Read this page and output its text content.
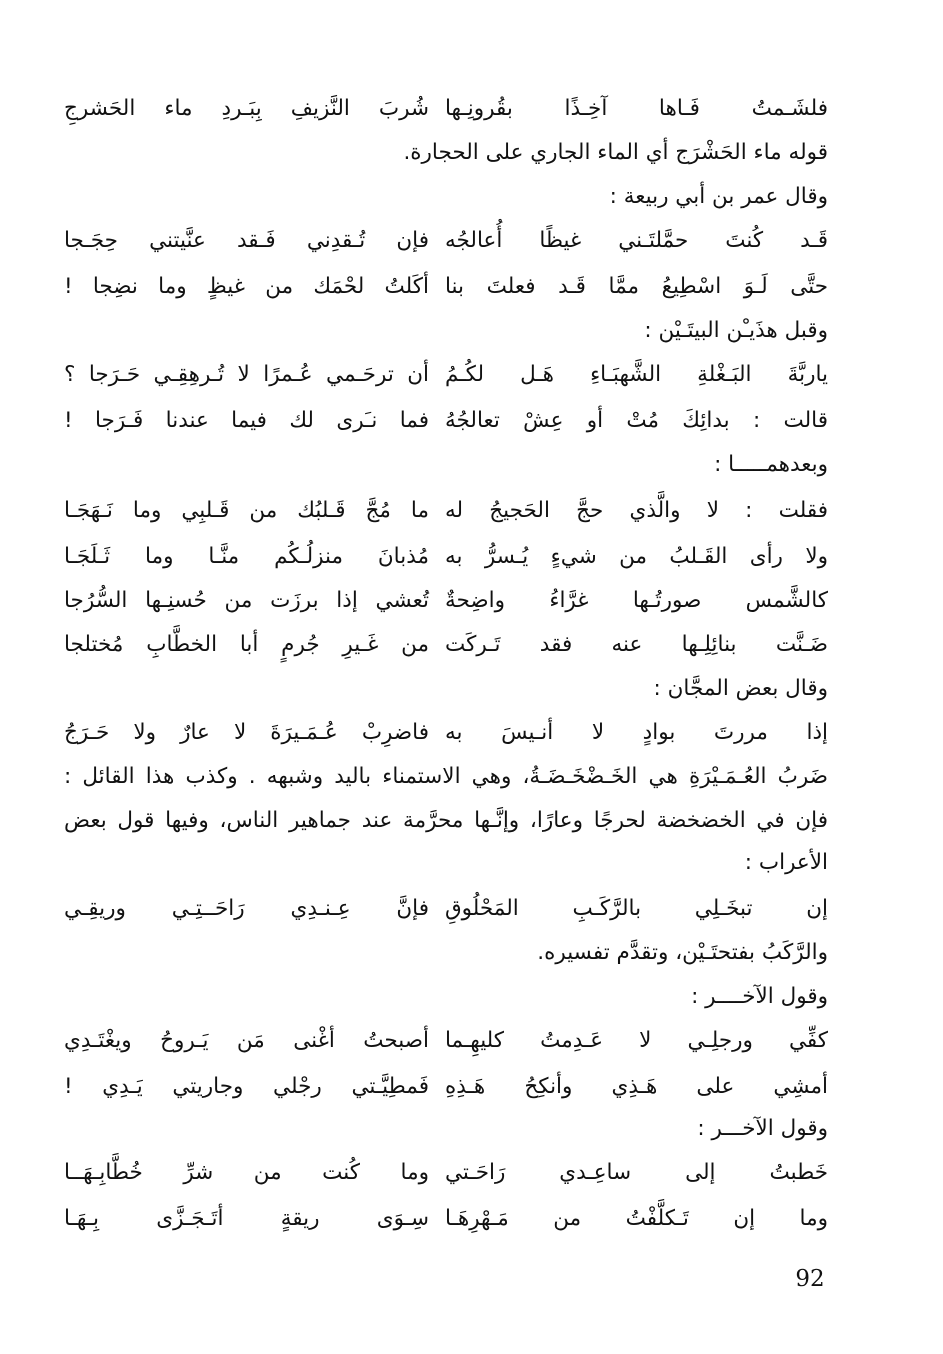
فلشَـمتُ فَـاها آخِـذًا بقُرونِـها
شُربَ النَّزيفِ بِبَـردِ ماء الحَشرجِ
قوله ماء الحَشْرَج أي الماء الجاري على الحجارة.
وقال عمر بن أبي ربيعة :
قَـد كُنتَ حمَّلتَـني غيظًا أُعالجُه
فإن تُـقدِني فَـقد عنَّيتني حِجَـجا
حتَّى لَـوَ اسْطِيعُ ممَّا قَـد فعلتَ بنا
أكَلتُ لحْمَك من غيظٍ وما نضِجا !
وقبل هذَيـْن البيتَـيْن :
ياربَّةَ البَـغْلةِ الشَّهبَـاءِ هَـل لكُـمُ
أن ترحَـمي عُـمرًا لا تُـرهِقِـي حَـرَجا ؟
قالت : بدائِكَ مُتْ أو عِشْ تعالجُهُ
فما نـَرى لك فيما عندنا فَـرَجا !
وبعدهمـــــا :
فقلت : لا والَّذي حجَّ الحَجيجُ له
ما مُجَّ قَـلبُك من قَـلبِي وما نَـهَجَـا
ولا رأى القَـلبُ من شيءٍ يُـسرُّ به
مُذبانَ منزلُـكُم منَّـا وما ثَـلَجَـا
كالشَّمس صورتُـها غرَّاءُ واضِحةٌ
تُعشي إذا برزَت من حُسنِـها السُّرُجا
ضَـنَّت بنائِلِـها عنه فقد تَـركَت
من غَـيرِ جُرمٍ أبا الخطَّابِ مُختلجا
وقال بعض المجَّان :
إذا مررتَ بوادٍ لا أنـيسَ به
فاضرِبْ عُـمَـيرَةَ لا عارٌ ولا حَـرَجُ
ضَربُ العُـمَـيْرَةِ هي الخَـضْخَـضَـةُ، وهي الاستمناء باليد وشبهه . وكذب هذا القائل :
فإن في الخضخضة لحرجًا وعارًا، وإنَّـها محرَّمة عند جماهير الناس، وفيها قول بعض
الأعراب :
إن تبخَـلِي بالرَّكَـبِ المَحْلُوقِ
فإنَّ عِـنـدِي رَاحَــتِـي وريقِـي
والرَّكَبُ بفتحتَـيْن، وتقدَّم تفسيره.
وقول الآخــــر :
كفِّي ورجلِـي لا عَـدِمتُ كليهِـما
أصبحتُ أغْنى مَن يَـروحُ ويغْتَـدِي
أمشِي على هَـذِي وأنكِحُ هَـذِهِ
فَمطِيَّـتي رجْلي وجاريتي يَـدِي !
وقول الآخـــر :
خَطبتُ إلى ساعِـدي رَاحَـتي
وما كُنت من شرِّ خُطَّابِـهَــا
وما إن تَـكلَّفْتُ من مَـهْرِهَـا
سِـوَى ريقةٍ أتَـجَـزَّى بِـهَـا
92
